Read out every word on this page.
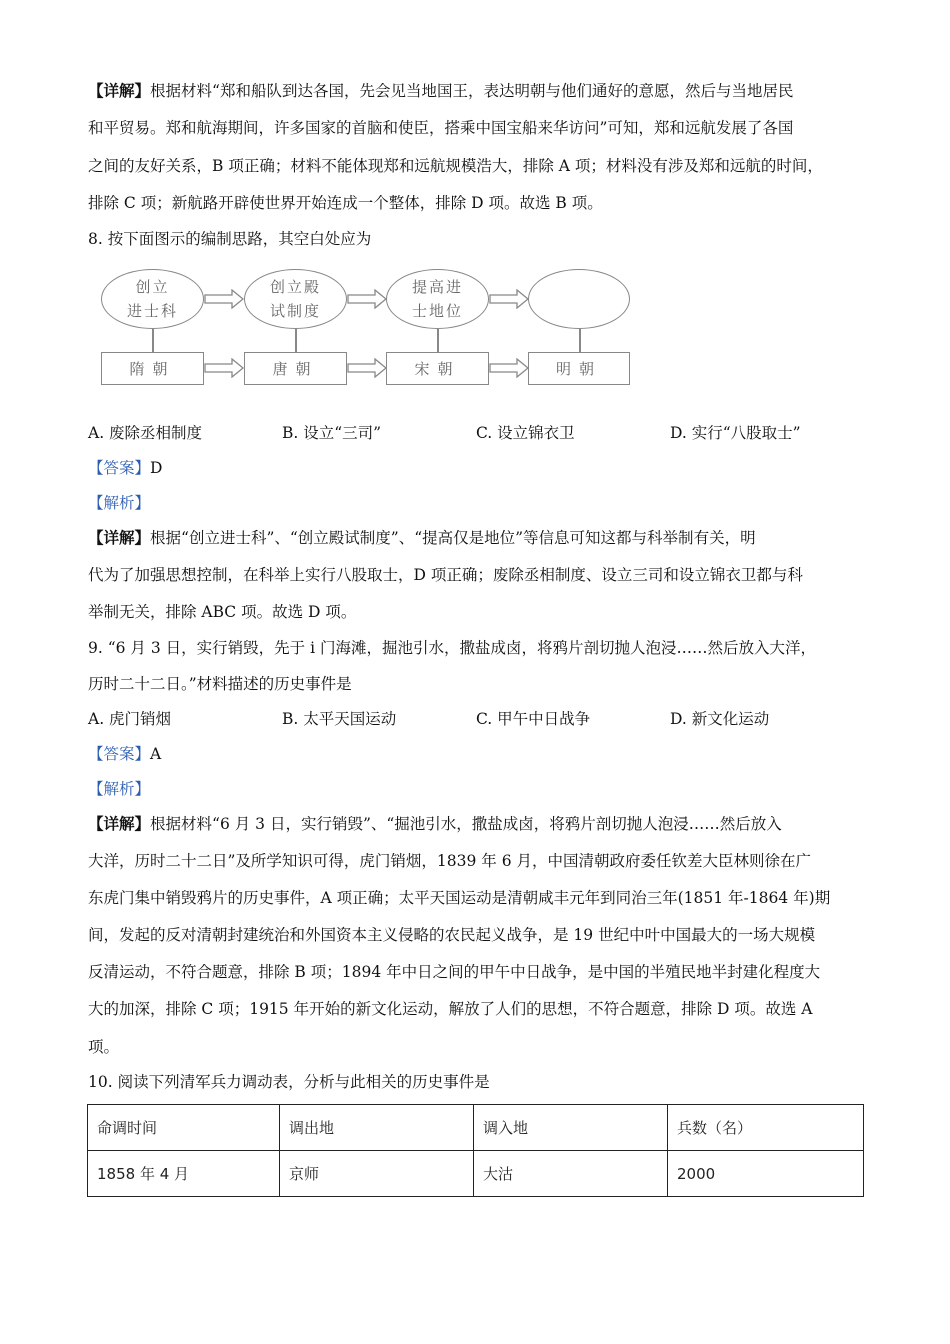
【详解】根据材料“郑和船队到达各国，先会见当地国王，表达明朝与他们通好的意愿，然后与当地居民
和平贸易。郑和航海期间，许多国家的首脑和使臣，搭乘中国宝船来华访问”可知，郑和远航发展了各国
之间的友好关系，B 项正确；材料不能体现郑和远航规模浩大，排除 A 项；材料没有涉及郑和远航的时间，
排除 C 项；新航路开辟使世界开始连成一个整体，排除 D 项。故选 B 项。
8. 按下面图示的编制思路，其空白处应为
创立
进士科
创立殿
试制度
提高进
士地位
隋朝	唐朝	宋朝	明朝
A. 废除丞相制度	B. 设立“三司”	C. 设立锦衣卫	D. 实行“八股取士”
【答案】D
【解析】
【详解】根据“创立进士科”、“创立殿试制度”、“提高仅是地位”等信息可知这都与科举制有关，明
代为了加强思想控制，在科举上实行八股取士，D 项正确；废除丞相制度、设立三司和设立锦衣卫都与科
举制无关，排除 ABC 项。故选 D 项。
9. “6 月 3 日，实行销毁，先于 i 门海滩，掘池引水，撒盐成卤，将鸦片剖切抛人泡浸……然后放入大洋，
历时二十二日。”材料描述的历史事件是
A. 虎门销烟	B. 太平天国运动	C. 甲午中日战争	D. 新文化运动
【答案】A
【解析】
【详解】根据材料“6 月 3 日，实行销毁”、“掘池引水，撒盐成卤，将鸦片剖切抛人泡浸……然后放入
大洋，历时二十二日”及所学知识可得，虎门销烟，1839 年 6 月，中国清朝政府委任钦差大臣林则徐在广
东虎门集中销毁鸦片的历史事件，A 项正确；太平天国运动是清朝咸丰元年到同治三年(1851 年-1864 年)期
间，发起的反对清朝封建统治和外国资本主义侵略的农民起义战争，是 19 世纪中叶中国最大的一场大规模
反清运动，不符合题意，排除 B 项；1894 年中日之间的甲午中日战争，是中国的半殖民地半封建化程度大
大的加深，排除 C 项；1915 年开始的新文化运动，解放了人们的思想，不符合题意，排除 D 项。故选 A
项。
10. 阅读下列清军兵力调动表，分析与此相关的历史事件是
命调时间	调出地	调入地	兵数（名）
1858 年 4 月	京师	大沽	2000
